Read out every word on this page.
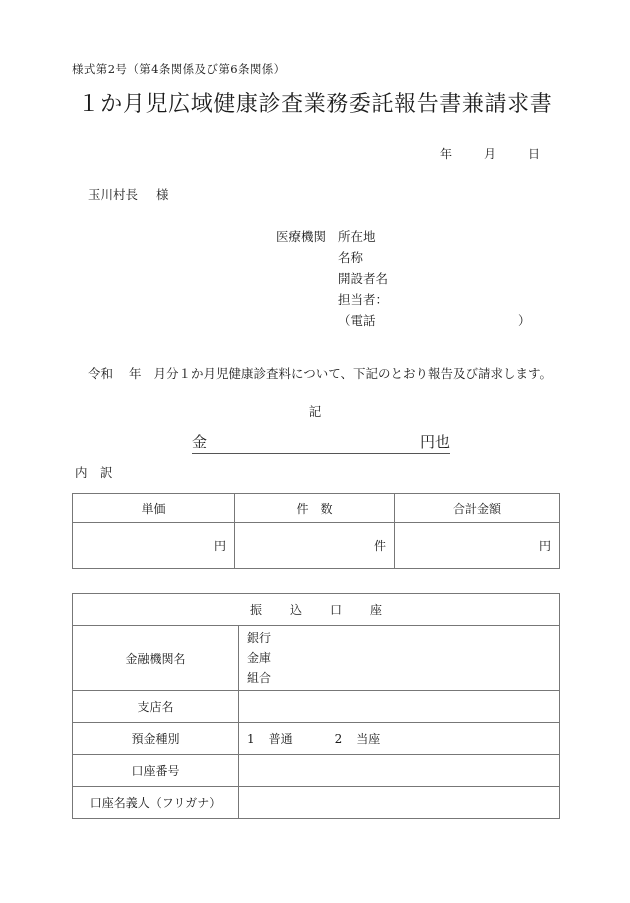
様式第2号（第4条関係及び第6条関係）
１か月児広域健康診査業務委託報告書兼請求書
年	月	日
玉川村長 様
医療機関 所在地
名称
開設者名
担当者：
（電話	）
令和 年 月分１か月児健康診査料について、下記のとおり報告及び請求します。
記
金	円也
内　訳
単価	件　数	合計金額
円	件	円
振　込　口　座	
金融機関名	銀行
金庫
組合

支店名	
預金種別	1 普通 2 当座
口座番号	
口座名義人（フリガナ）	
